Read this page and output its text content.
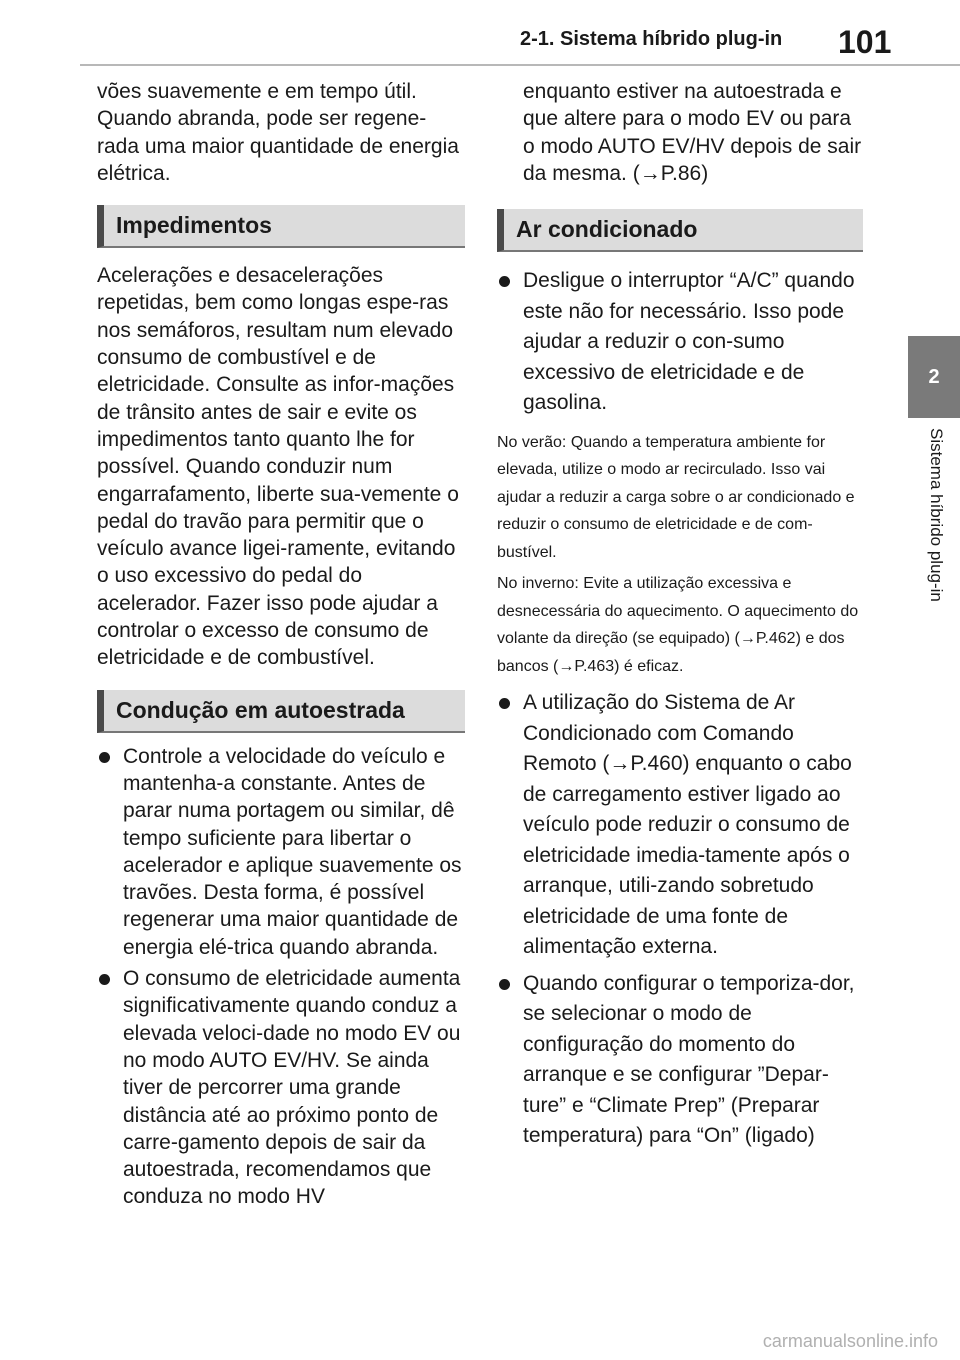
2-1. Sistema híbrido plug-in 101
2
Sistema híbrido plug-in

vões suavemente e em tempo útil. Quando abranda, pode ser regene-rada uma maior quantidade de energia elétrica.

Impedimentos

Acelerações e desacelerações repetidas, bem como longas espe-ras nos semáforos, resultam num elevado consumo de combustível e de eletricidade. Consulte as infor-mações de trânsito antes de sair e evite os impedimentos tanto quanto lhe for possível. Quando conduzir num engarrafamento, liberte sua-vemente o pedal do travão para permitir que o veículo avance ligei-ramente, evitando o uso excessivo do pedal do acelerador. Fazer isso pode ajudar a controlar o excesso de consumo de eletricidade e de combustível.

Condução em autoestrada

Controle a velocidade do veículo e mantenha-a constante. Antes de parar numa portagem ou similar, dê tempo suficiente para libertar o acelerador e aplique suavemente os travões. Desta forma, é possível regenerar uma maior quantidade de energia elé-trica quando abranda.

O consumo de eletricidade aumenta significativamente quando conduz a elevada veloci-dade no modo EV ou no modo AUTO EV/HV. Se ainda tiver de percorrer uma grande distância até ao próximo ponto de carre-gamento depois de sair da autoestrada, recomendamos que conduza no modo HV

enquanto estiver na autoestrada e que altere para o modo EV ou para o modo AUTO EV/HV depois de sair da mesma. (→P.86)

Ar condicionado

Desligue o interruptor “A/C” quando este não for necessário. Isso pode ajudar a reduzir o con-sumo excessivo de eletricidade e de gasolina.

No verão: Quando a temperatura ambiente for elevada, utilize o modo ar recirculado. Isso vai ajudar a reduzir a carga sobre o ar condicionado e reduzir o consumo de eletricidade e de com-bustível.

No inverno: Evite a utilização excessiva e desnecessária do aquecimento. O aquecimento do volante da direção (se equipado) (→P.462) e dos bancos (→P.463) é eficaz.

A utilização do Sistema de Ar Condicionado com Comando Remoto (→P.460) enquanto o cabo de carregamento estiver ligado ao veículo pode reduzir o consumo de eletricidade imedia-tamente após o arranque, utili-zando sobretudo eletricidade de uma fonte de alimentação externa.

Quando configurar o temporiza-dor, se selecionar o modo de configuração do momento do arranque e se configurar ”Depar-ture” e “Climate Prep” (Preparar temperatura) para “On” (ligado)

carmanualsonline.info
